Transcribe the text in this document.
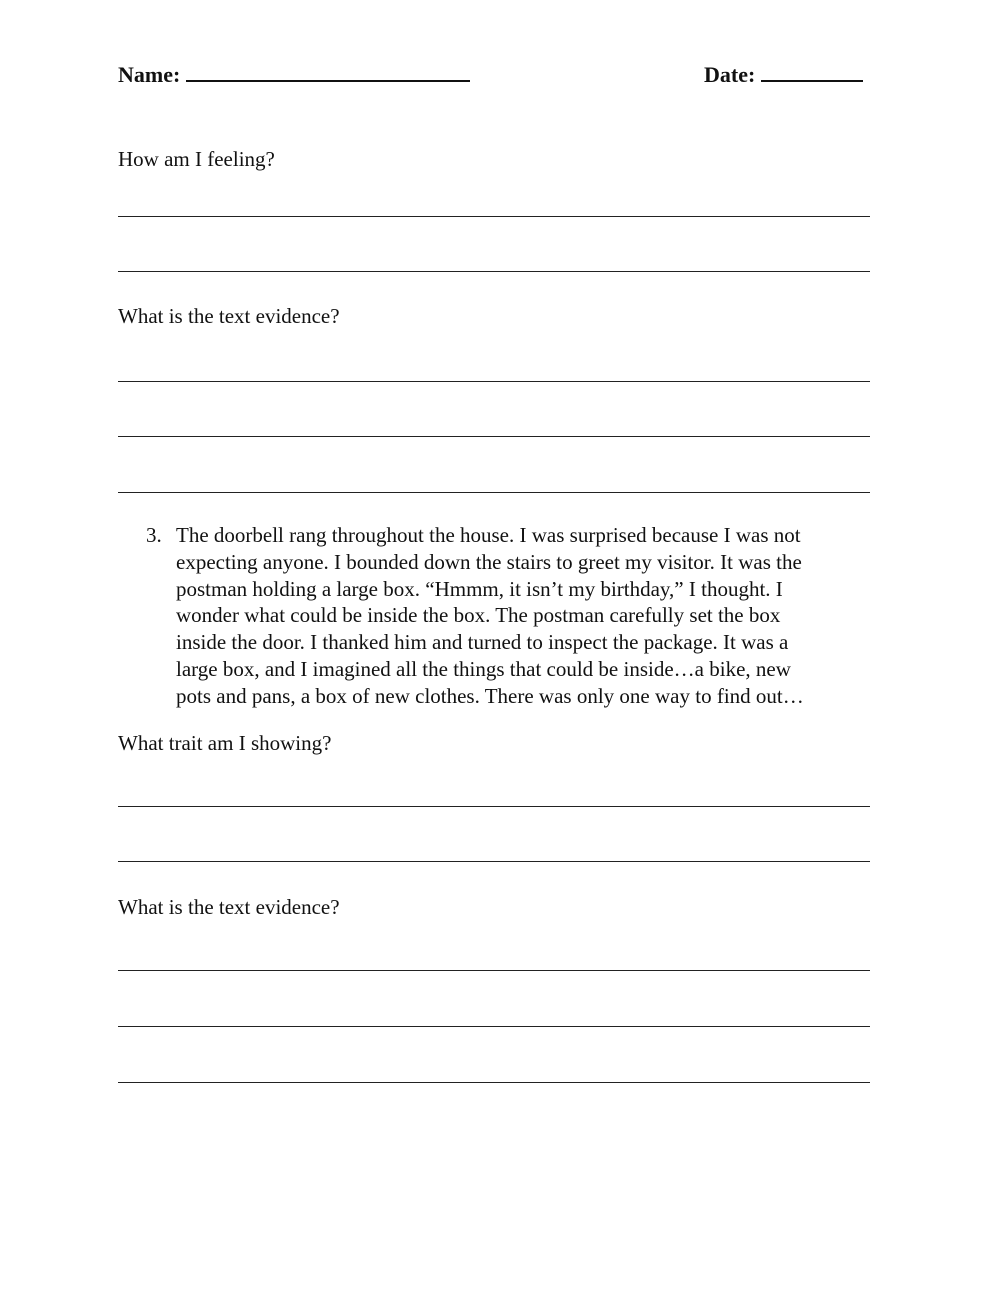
Name:	Date:
How am I feeling?
What is the text evidence?
3. The doorbell rang throughout the house. I was surprised because I was not
expecting anyone. I bounded down the stairs to greet my visitor. It was the
postman holding a large box. “Hmmm, it isn’t my birthday,” I thought. I
wonder what could be inside the box. The postman carefully set the box
inside the door. I thanked him and turned to inspect the package. It was a
large box, and I imagined all the things that could be inside…a bike, new
pots and pans, a box of new clothes. There was only one way to find out…
What trait am I showing?
What is the text evidence?
